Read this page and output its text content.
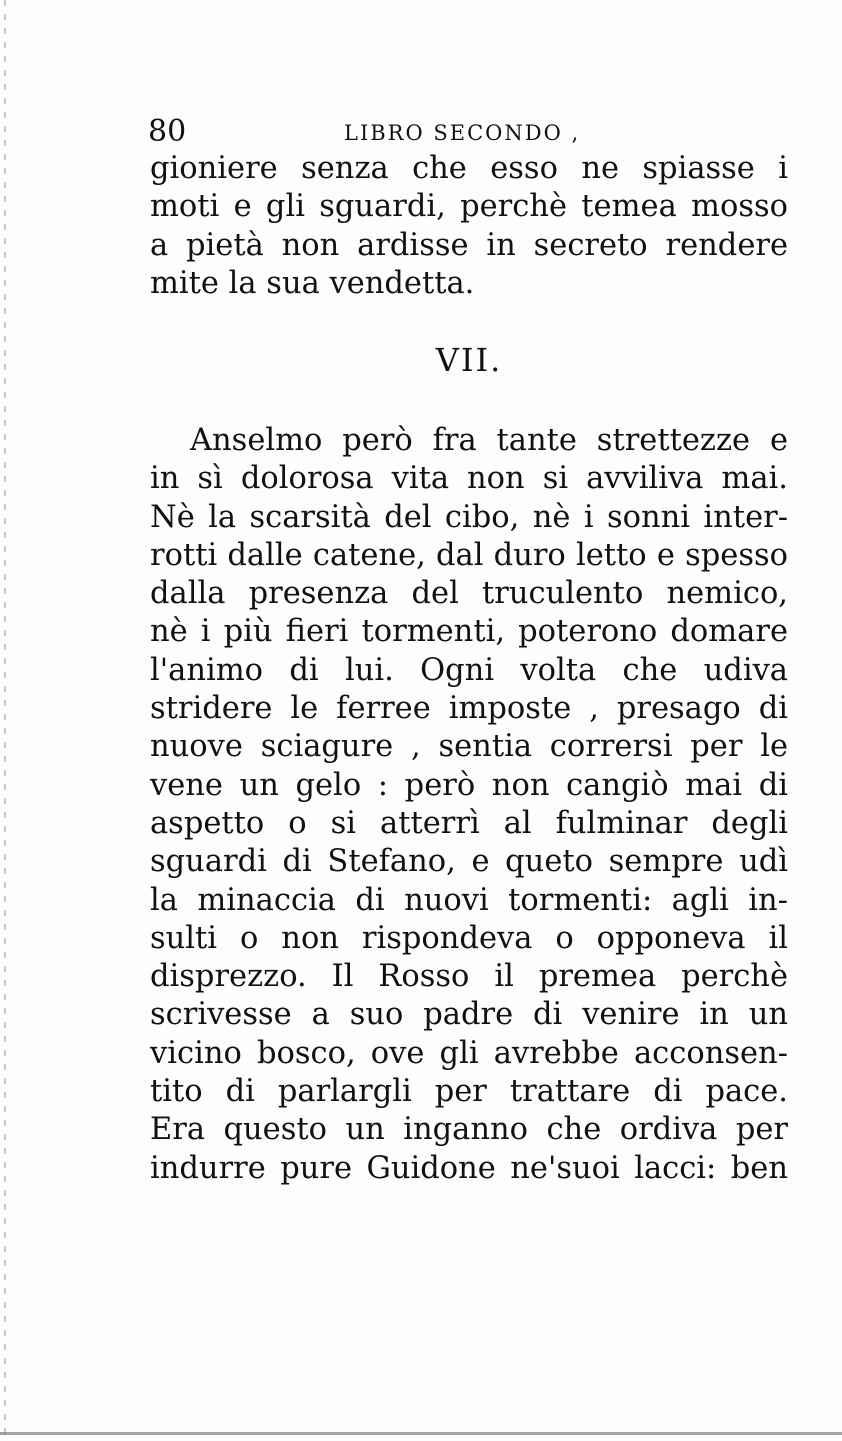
80	LIBRO SECONDO ,
gioniere senza che esso ne spiasse i
moti e gli sguardi, perchè temea mosso
a pietà non ardisse in secreto rendere
mite la sua vendetta.
VII.
Anselmo però fra tante strettezze e
in sì dolorosa vita non si avviliva mai.
Nè la scarsità del cibo, nè i sonni inter-
rotti dalle catene, dal duro letto e spesso
dalla presenza del truculento nemico,
nè i più fieri tormenti, poterono domare
l'animo di lui. Ogni volta che udiva
stridere le ferree imposte , presago di
nuove sciagure , sentia corrersi per le
vene un gelo : però non cangiò mai di
aspetto o si atterrì al fulminar degli
sguardi di Stefano, e queto sempre udì
la minaccia di nuovi tormenti: agli in-
sulti o non rispondeva o opponeva il
disprezzo. Il Rosso il premea perchè
scrivesse a suo padre di venire in un
vicino bosco, ove gli avrebbe acconsen-
tito di parlargli per trattare di pace.
Era questo un inganno che ordiva per
indurre pure Guidone ne'suoi lacci: ben
